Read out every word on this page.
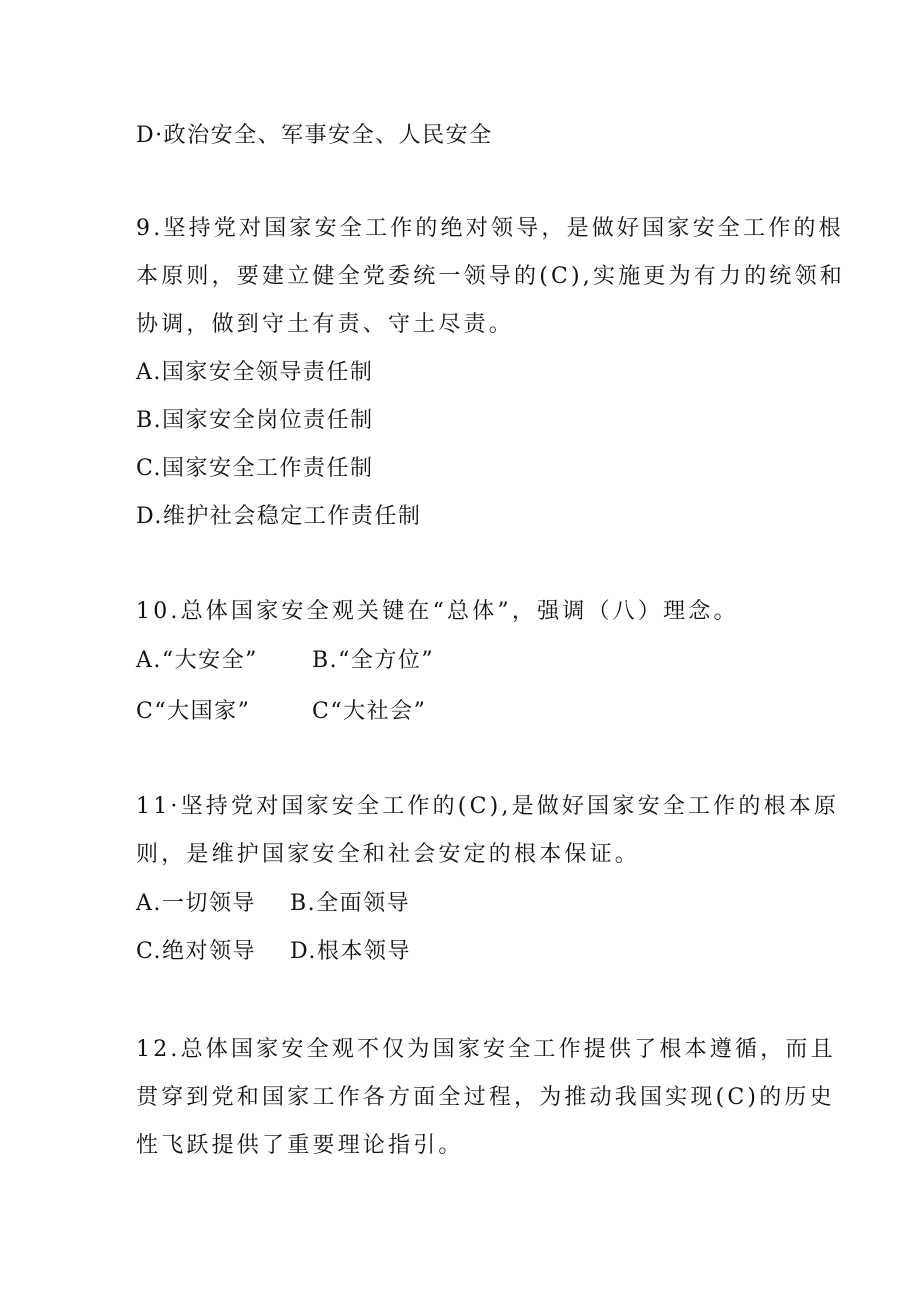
D·政治安全、军事安全、人民安全
9.坚持党对国家安全工作的绝对领导，是做好国家安全工作的根
本原则，要建立健全党委统一领导的(C),实施更为有力的统领和
协调，做到守土有责、守土尽责。
A.国家安全领导责任制
B.国家安全岗位责任制
C.国家安全工作责任制
D.维护社会稳定工作责任制
10.总体国家安全观关键在“总体”，强调（八）理念。
A.“大安全” B.“全方位”
C“大国家”	C“大社会”
11·坚持党对国家安全工作的(C),是做好国家安全工作的根本原
则，是维护国家安全和社会安定的根本保证。
A.一切领导 B.全面领导
C.绝对领导 D.根本领导
12.总体国家安全观不仅为国家安全工作提供了根本遵循，而且
贯穿到党和国家工作各方面全过程，为推动我国实现(C)的历史
性飞跃提供了重要理论指引。
